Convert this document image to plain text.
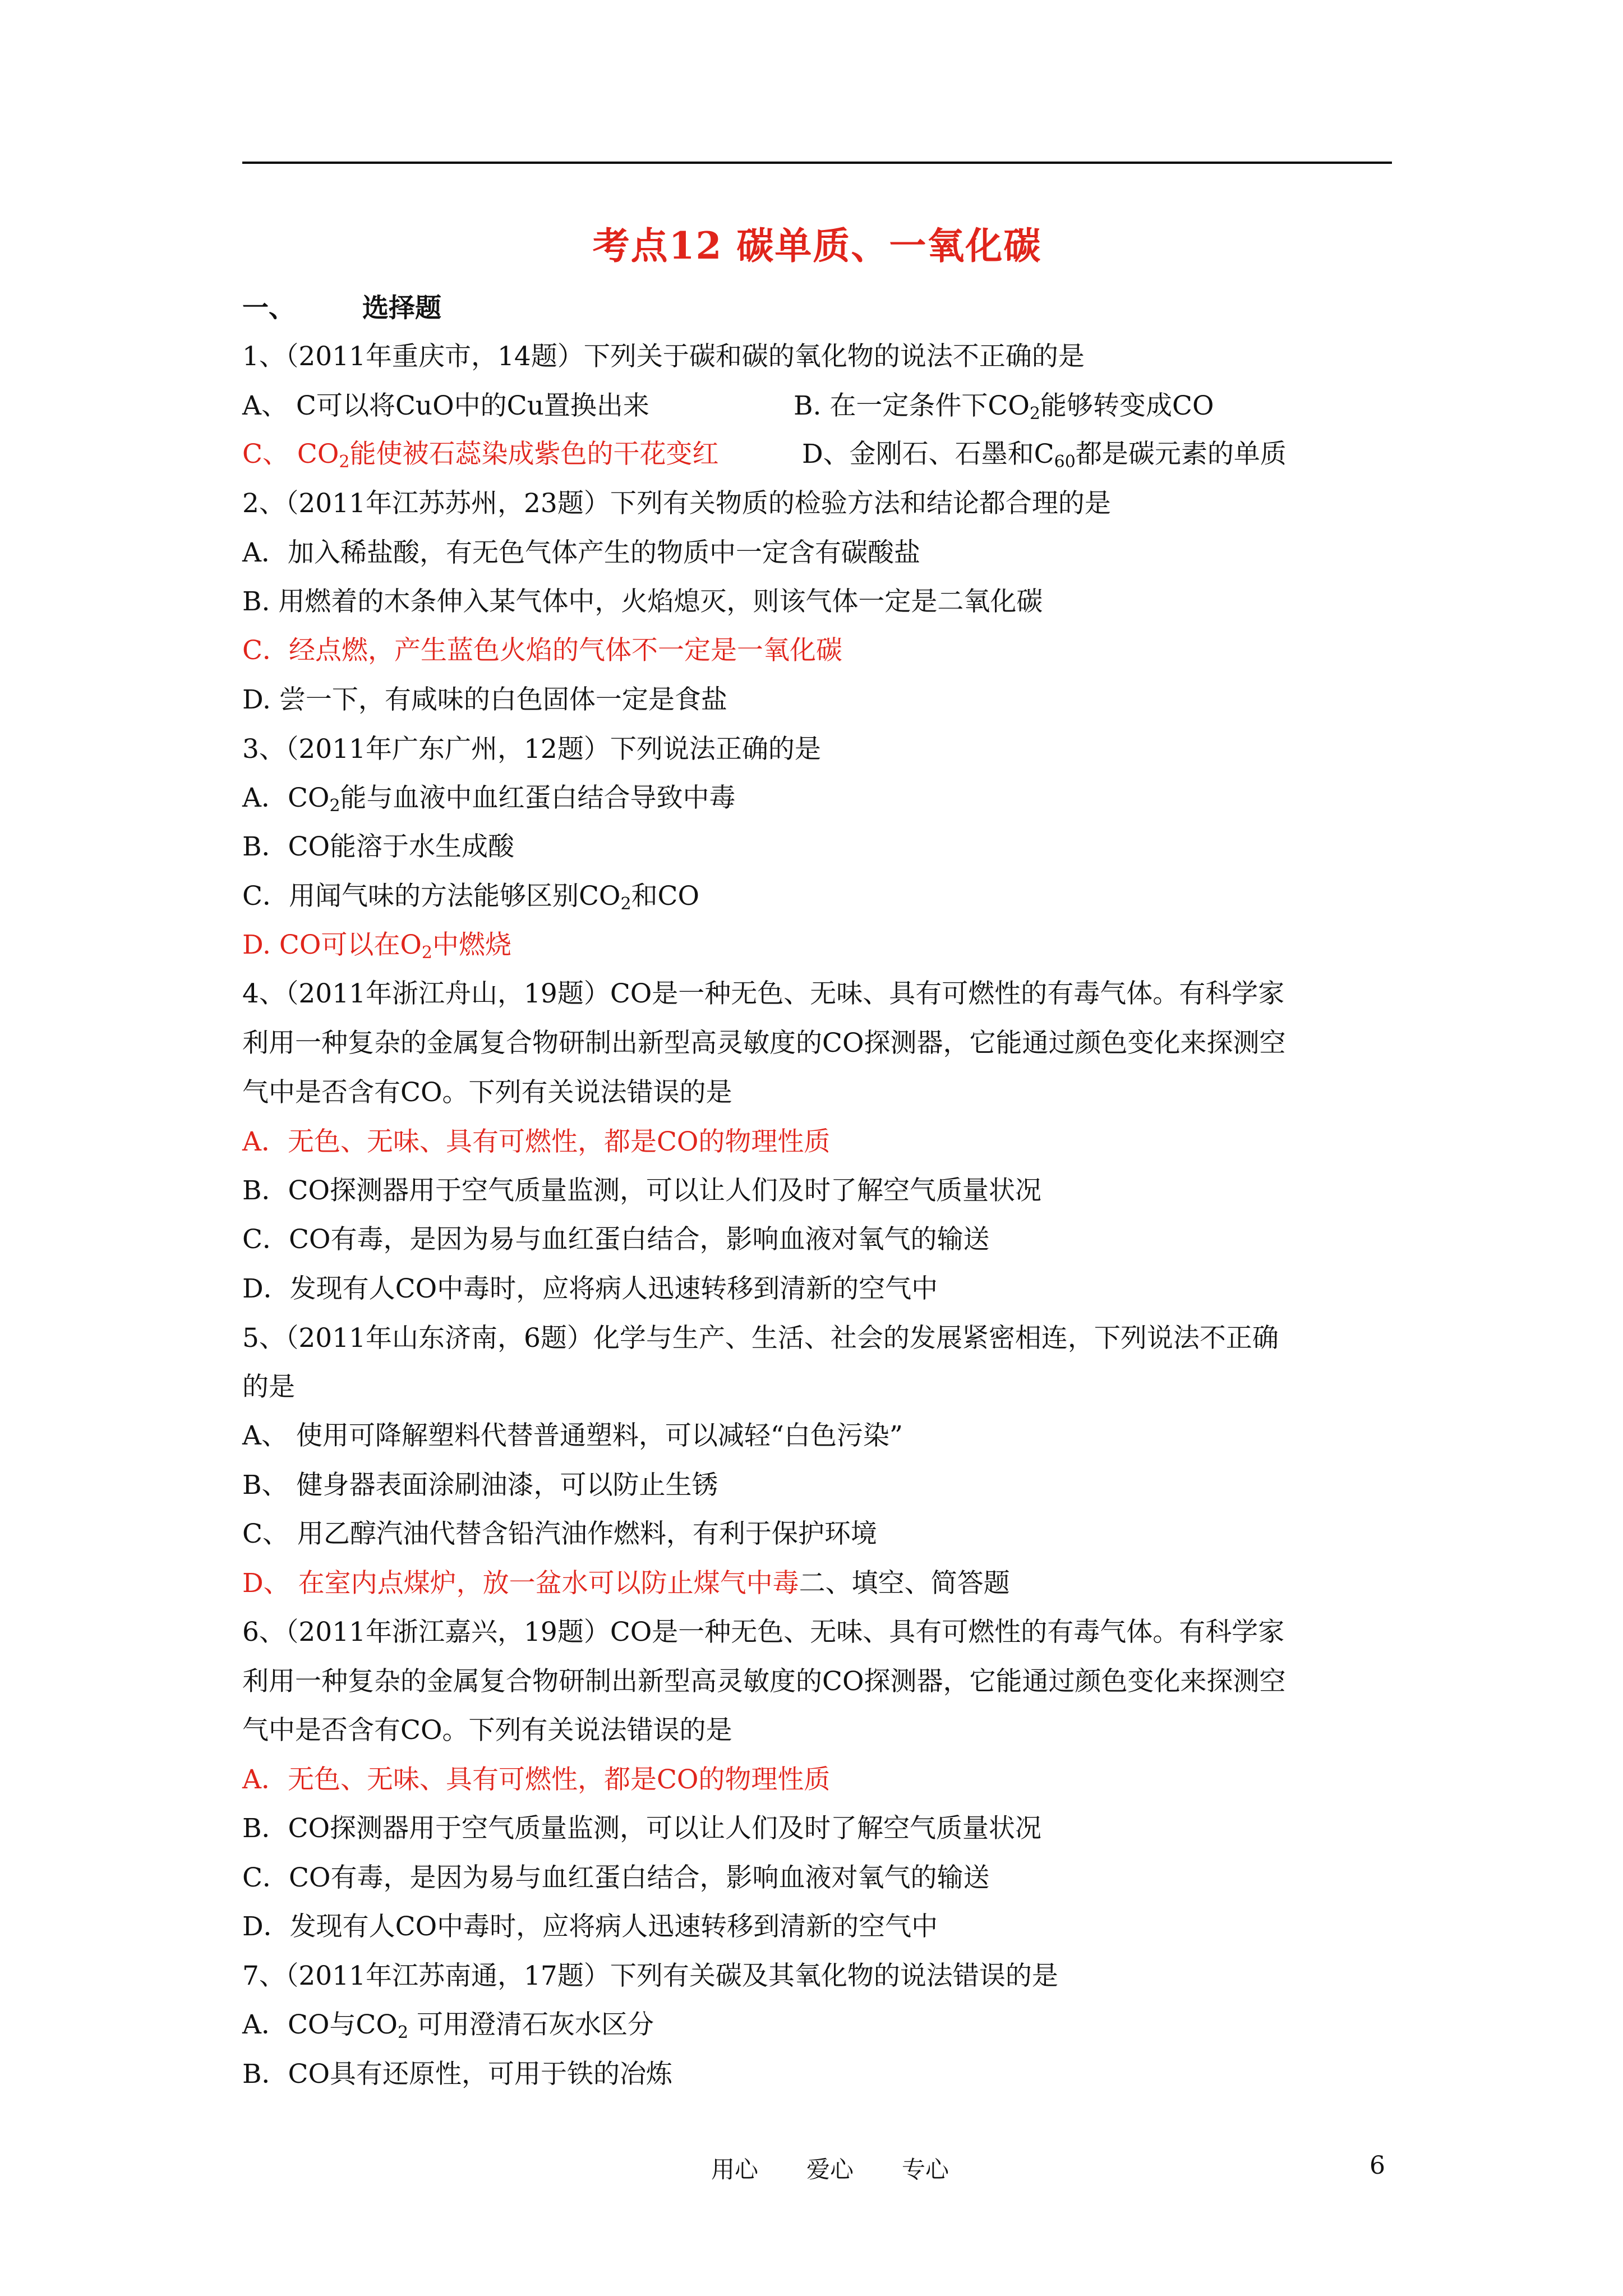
考点12 碳单质、一氧化碳
一、	选择题
1、（2011年重庆市，14题）下列关于碳和碳的氧化物的说法不正确的是
A、 C可以将CuO中的Cu置换出来	B. 在一定条件下$CO_2$能够转变成CO
C、 $CO_2$能使被石蕊染成紫色的干花变红	D、金刚石、石墨和$C_{60}$都是碳元素的单质
2、（2011年江苏苏州，23题）下列有关物质的检验方法和结论都合理的是
A．加入稀盐酸，有无色气体产生的物质中一定含有碳酸盐
B. 用燃着的木条伸入某气体中，火焰熄灭，则该气体一定是二氧化碳
C．经点燃，产生蓝色火焰的气体不一定是一氧化碳
D. 尝一下，有咸味的白色固体一定是食盐
3、（2011年广东广州，12题）下列说法正确的是
A．$CO_2$能与血液中血红蛋白结合导致中毒
B．CO能溶于水生成酸
C．用闻气味的方法能够区别$CO_2$和CO
D. CO可以在$O_2$中燃烧
4、（2011年浙江舟山，19题）CO是一种无色、无味、具有可燃性的有毒气体。有科学家
利用一种复杂的金属复合物研制出新型高灵敏度的CO探测器，它能通过颜色变化来探测空
气中是否含有CO。下列有关说法错误的是
A．无色、无味、具有可燃性，都是CO的物理性质
B．CO探测器用于空气质量监测，可以让人们及时了解空气质量状况
C．CO有毒，是因为易与血红蛋白结合，影响血液对氧气的输送
D．发现有人CO中毒时，应将病人迅速转移到清新的空气中
5、（2011年山东济南，6题）化学与生产、生活、社会的发展紧密相连，下列说法不正确
的是
A、 使用可降解塑料代替普通塑料，可以减轻“白色污染”
B、 健身器表面涂刷油漆，可以防止生锈
C、 用乙醇汽油代替含铅汽油作燃料，有利于保护环境
D、 在室内点煤炉，放一盆水可以防止煤气中毒二、填空、简答题
6、（2011年浙江嘉兴，19题）CO是一种无色、无味、具有可燃性的有毒气体。有科学家
利用一种复杂的金属复合物研制出新型高灵敏度的CO探测器，它能通过颜色变化来探测空
气中是否含有CO。下列有关说法错误的是
A．无色、无味、具有可燃性，都是CO的物理性质
B．CO探测器用于空气质量监测，可以让人们及时了解空气质量状况
C．CO有毒，是因为易与血红蛋白结合，影响血液对氧气的输送
D．发现有人CO中毒时，应将病人迅速转移到清新的空气中
7、（2011年江苏南通，17题）下列有关碳及其氧化物的说法错误的是
A．CO与$CO_2$ 可用澄清石灰水区分
B．CO具有还原性，可用于铁的冶炼
用心 爱心 专心	6
